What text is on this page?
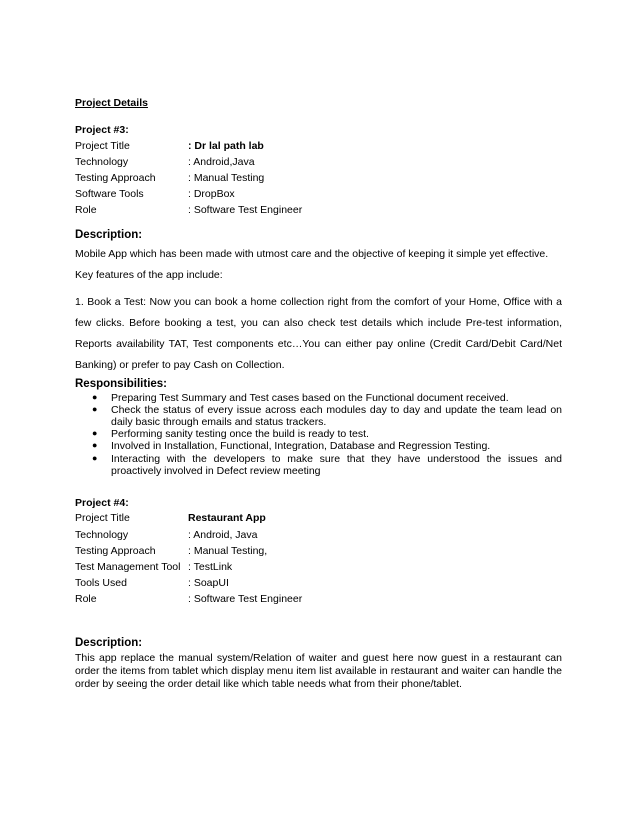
Project Details
Project #3:
Project Title	: Dr lal path lab
Technology	: Android,Java
Testing Approach	: Manual Testing
Software Tools	: DropBox
Role	: Software Test Engineer
Description:
Mobile App which has been made with utmost care and the objective of keeping it simple yet effective.
Key features of the app include:
1. Book a Test: Now you can book a home collection right from the comfort of your Home, Office with a
few clicks. Before booking a test, you can also check test details which include Pre-test information,
Reports availability TAT, Test components etc…You can either pay online (Credit Card/Debit Card/Net
Banking) or prefer to pay Cash on Collection.
Responsibilities:
● Preparing Test Summary and Test cases based on the Functional document received.
● Check the status of every issue across each modules day to day and update the team lead on
daily basic through emails and status trackers.
● Performing sanity testing once the build is ready to test.
● Involved in Installation, Functional, Integration, Database and Regression Testing.
● Interacting with the developers to make sure that they have understood the issues and
proactively involved in Defect review meeting
Project #4:
Project Title	Restaurant App
Technology	: Android, Java
Testing Approach	: Manual Testing,
Test Management Tool : TestLink
Tools Used	: SoapUI
Role	: Software Test Engineer
Description:
This app replace the manual system/Relation of waiter and guest here now guest in a restaurant can
order the items from tablet which display menu item list available in restaurant and waiter can handle the
order by seeing the order detail like which table needs what from their phone/tablet.
